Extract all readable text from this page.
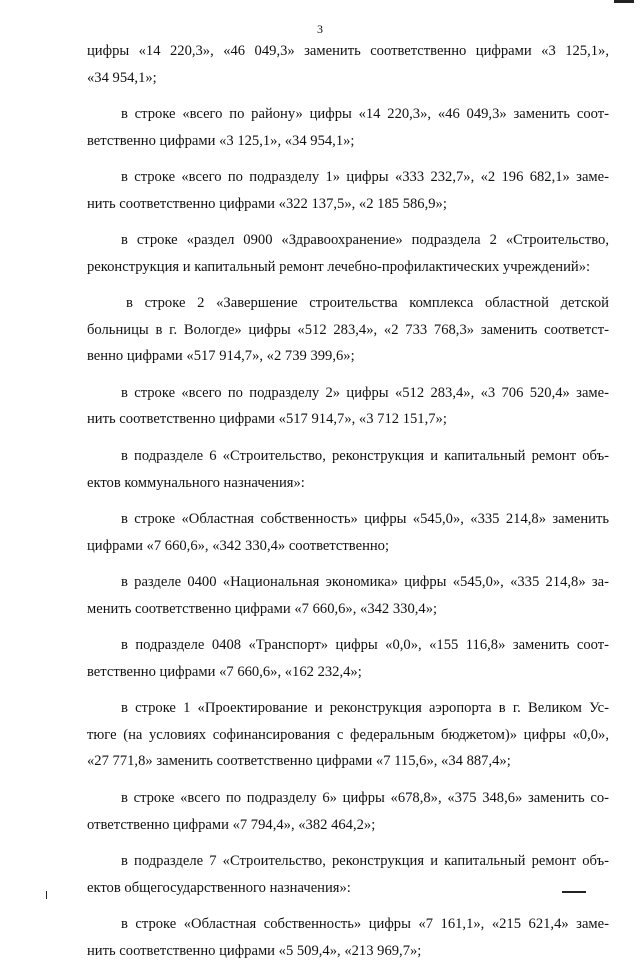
3

цифры «14 220,3», «46 049,3» заменить соответственно цифрами «3 125,1»,
«34 954,1»;

в строке «всего по району» цифры «14 220,3», «46 049,3» заменить соот-
ветственно цифрами «3 125,1», «34 954,1»;

в строке «всего по подразделу 1» цифры «333 232,7», «2 196 682,1» заме-
нить соответственно цифрами «322 137,5», «2 185 586,9»;

в строке «раздел 0900 «Здравоохранение» подраздела 2 «Строительство,
реконструкция и капитальный ремонт лечебно-профилактических учреждений»:

в строке 2 «Завершение строительства комплекса областной детской
больницы в г. Вологде» цифры «512 283,4», «2 733 768,3» заменить соответст-
венно цифрами «517 914,7», «2 739 399,6»;

в строке «всего по подразделу 2» цифры «512 283,4», «3 706 520,4» заме-
нить соответственно цифрами «517 914,7», «3 712 151,7»;

в подразделе 6 «Строительство, реконструкция и капитальный ремонт объ-
ектов коммунального назначения»:

в строке «Областная собственность» цифры «545,0», «335 214,8» заменить
цифрами «7 660,6», «342 330,4» соответственно;

в разделе 0400 «Национальная экономика» цифры «545,0», «335 214,8» за-
менить соответственно цифрами «7 660,6», «342 330,4»;

в подразделе 0408 «Транспорт» цифры «0,0», «155 116,8» заменить соот-
ветственно цифрами «7 660,6», «162 232,4»;

в строке 1 «Проектирование и реконструкция аэропорта в г. Великом Ус-
тюге (на условиях софинансирования с федеральным бюджетом)» цифры «0,0»,
«27 771,8» заменить соответственно цифрами «7 115,6», «34 887,4»;

в строке «всего по подразделу 6» цифры «678,8», «375 348,6» заменить со-
ответственно цифрами «7 794,4», «382 464,2»;

в подразделе 7 «Строительство, реконструкция и капитальный ремонт объ-
ектов общегосударственного назначения»:

в строке «Областная собственность» цифры «7 161,1», «215 621,4» заме-
нить соответственно цифрами «5 509,4», «213 969,7»;
